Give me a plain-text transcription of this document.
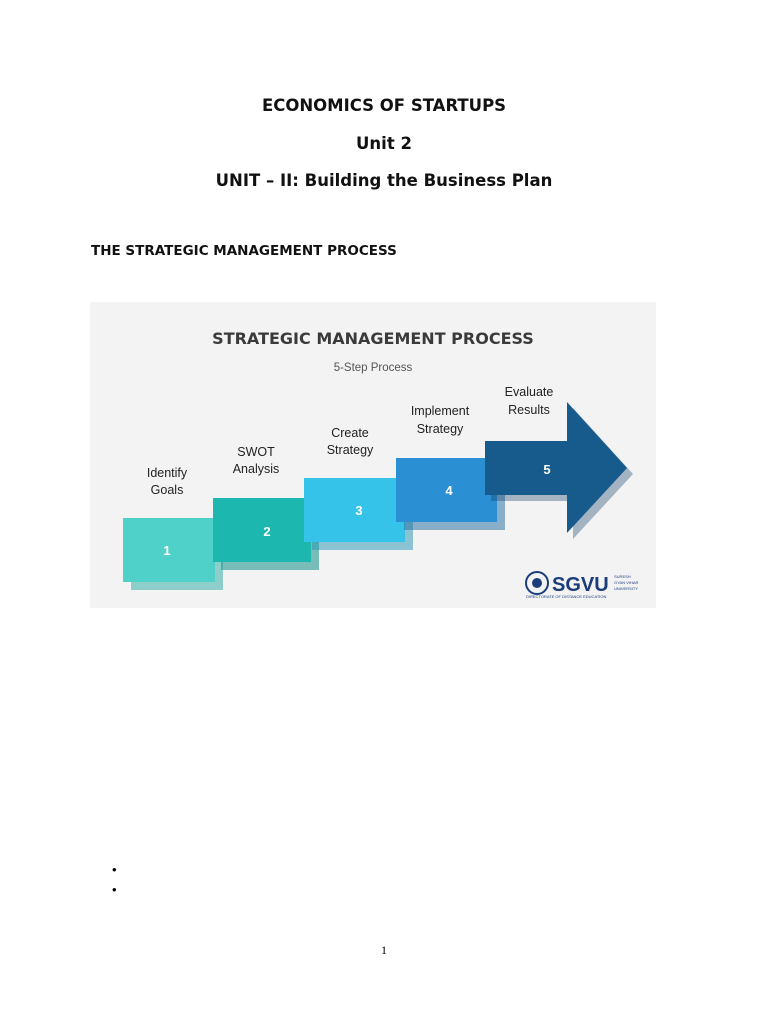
ECONOMICS OF STARTUPS
Unit 2
UNIT – II: Building the Business Plan
THE STRATEGIC MANAGEMENT PROCESS
STRATEGIC MANAGEMENT PROCESS
5-Step Process
1
Identify
Goals
2
SWOT
Analysis
3
Create
Strategy
4
Implement
Strategy
5
Evaluate
Results
SGVU SURESH
GYAN VIHAR
UNIVERSITY
DIRECTORATE OF DISTANCE EDUCATION
1
